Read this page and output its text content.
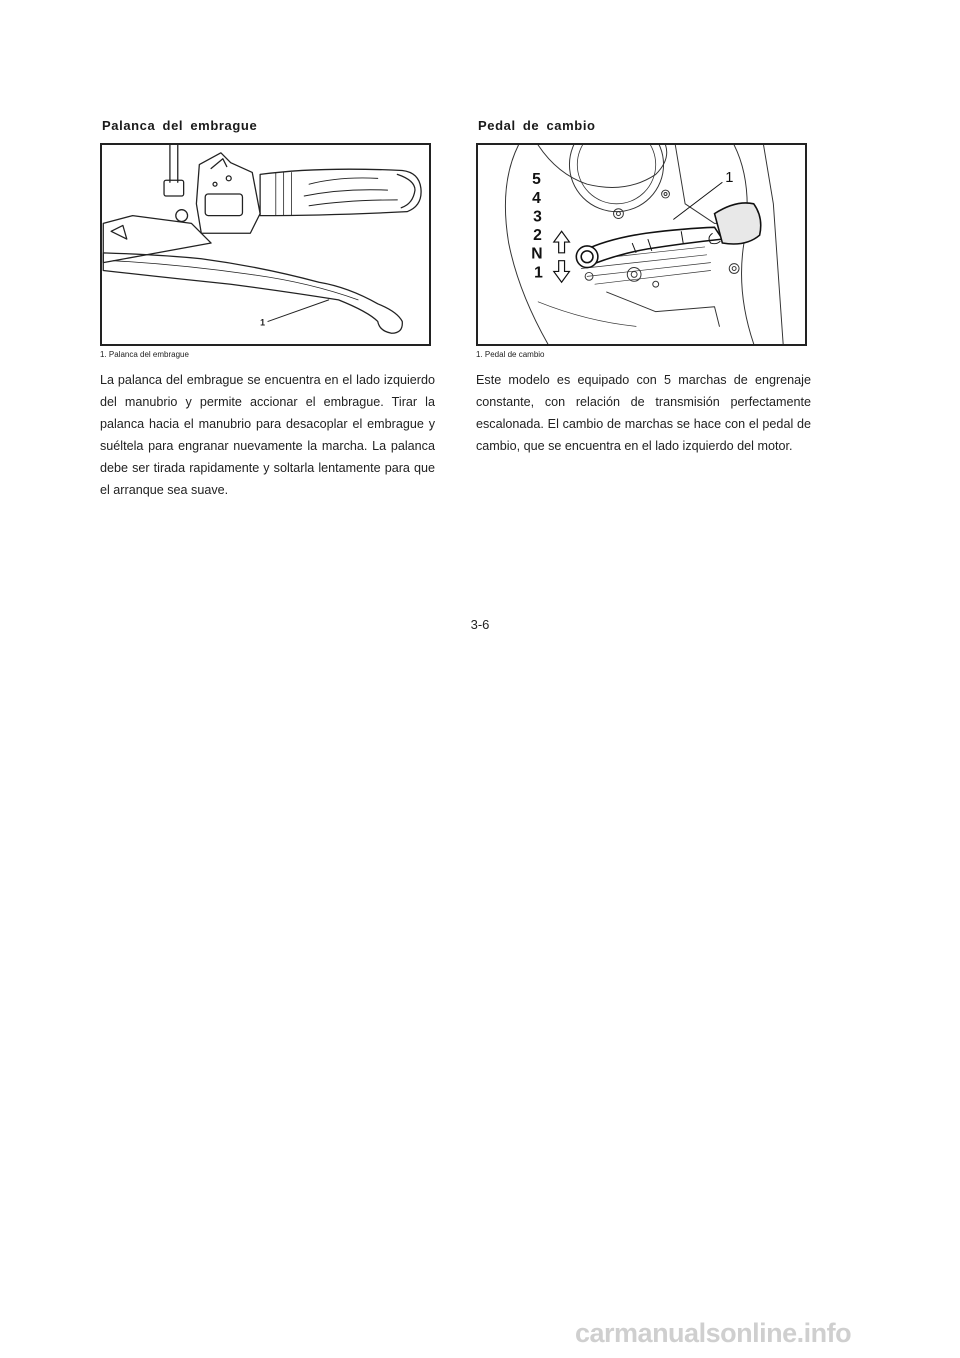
Palanca del embrague
1
1. Palanca del embrague

La palanca del embrague se encuentra en el lado izquierdo del manubrio y permite accionar el embrague. Tirar la palanca hacia el manubrio para desacoplar el embrague y suéltela para engranar nuevamente la marcha. La palanca debe ser tirada rapidamente y soltarla lentamente para que el arranque sea suave.

Pedal de cambio
5
4
3
2
N
1
1
1. Pedal de cambio

Este modelo es equipado con 5 marchas de engrenaje constante, con relación de transmisión perfectamente escalonada. El cambio de marchas se hace con el pedal de cambio, que se encuentra en el lado izquierdo del motor.

3-6
carmanualsonline.info
